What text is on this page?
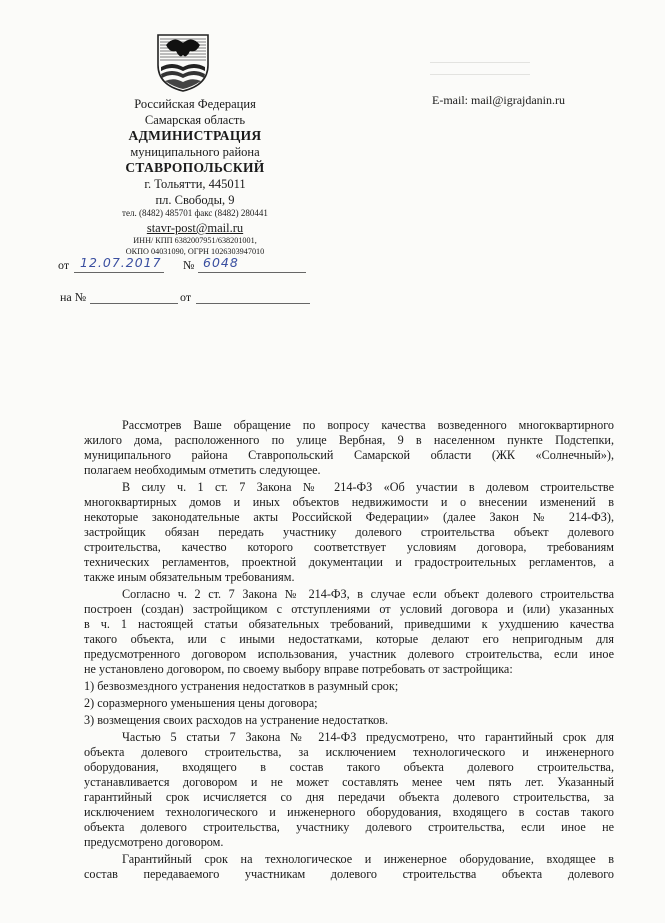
Российская Федерация
Самарская область
АДМИНИСТРАЦИЯ
муниципального района
СТАВРОПОЛЬСКИЙ
г. Тольятти, 445011
пл. Свободы, 9
тел. (8482) 485701 факс (8482) 280441
stavr-post@mail.ru
ИНН/ КПП 6382007951/638201001,
ОКПО 04031090, ОГРН 1026303947010
E-mail: mail@igrajdanin.ru
от 12.07.2017 № 6048
на №	от
Рассмотрев Ваше обращение по вопросу качества возведенного многоквартирного
жилого дома, расположенного по улице Вербная, 9 в населенном пункте Подстепки,
муниципального района Ставропольский Самарской области (ЖК «Солнечный»),
полагаем необходимым отметить следующее.
В силу ч. 1 ст. 7 Закона № 214-ФЗ «Об участии в долевом строительстве
многоквартирных домов и иных объектов недвижимости и о внесении изменений в
некоторые законодательные акты Российской Федерации» (далее Закон № 214-ФЗ),
застройщик обязан передать участнику долевого строительства объект долевого
строительства, качество которого соответствует условиям договора, требованиям
технических регламентов, проектной документации и градостроительных регламентов, а
также иным обязательным требованиям.
Согласно ч. 2 ст. 7 Закона № 214-ФЗ, в случае если объект долевого строительства
построен (создан) застройщиком с отступлениями от условий договора и (или) указанных
в ч. 1 настоящей статьи обязательных требований, приведшими к ухудшению качества
такого объекта, или с иными недостатками, которые делают его непригодным для
предусмотренного договором использования, участник долевого строительства, если иное
не установлено договором, по своему выбору вправе потребовать от застройщика:
1) безвозмездного устранения недостатков в разумный срок;
2) соразмерного уменьшения цены договора;
3) возмещения своих расходов на устранение недостатков.
Частью 5 статьи 7 Закона № 214-ФЗ предусмотрено, что гарантийный срок для
объекта долевого строительства, за исключением технологического и инженерного
оборудования, входящего в состав такого объекта долевого строительства,
устанавливается договором и не может составлять менее чем пять лет. Указанный
гарантийный срок исчисляется со дня передачи объекта долевого строительства, за
исключением технологического и инженерного оборудования, входящего в состав такого
объекта долевого строительства, участнику долевого строительства, если иное не
предусмотрено договором.
Гарантийный срок на технологическое и инженерное оборудование, входящее в
состав передаваемого участникам долевого строительства объекта долевого
